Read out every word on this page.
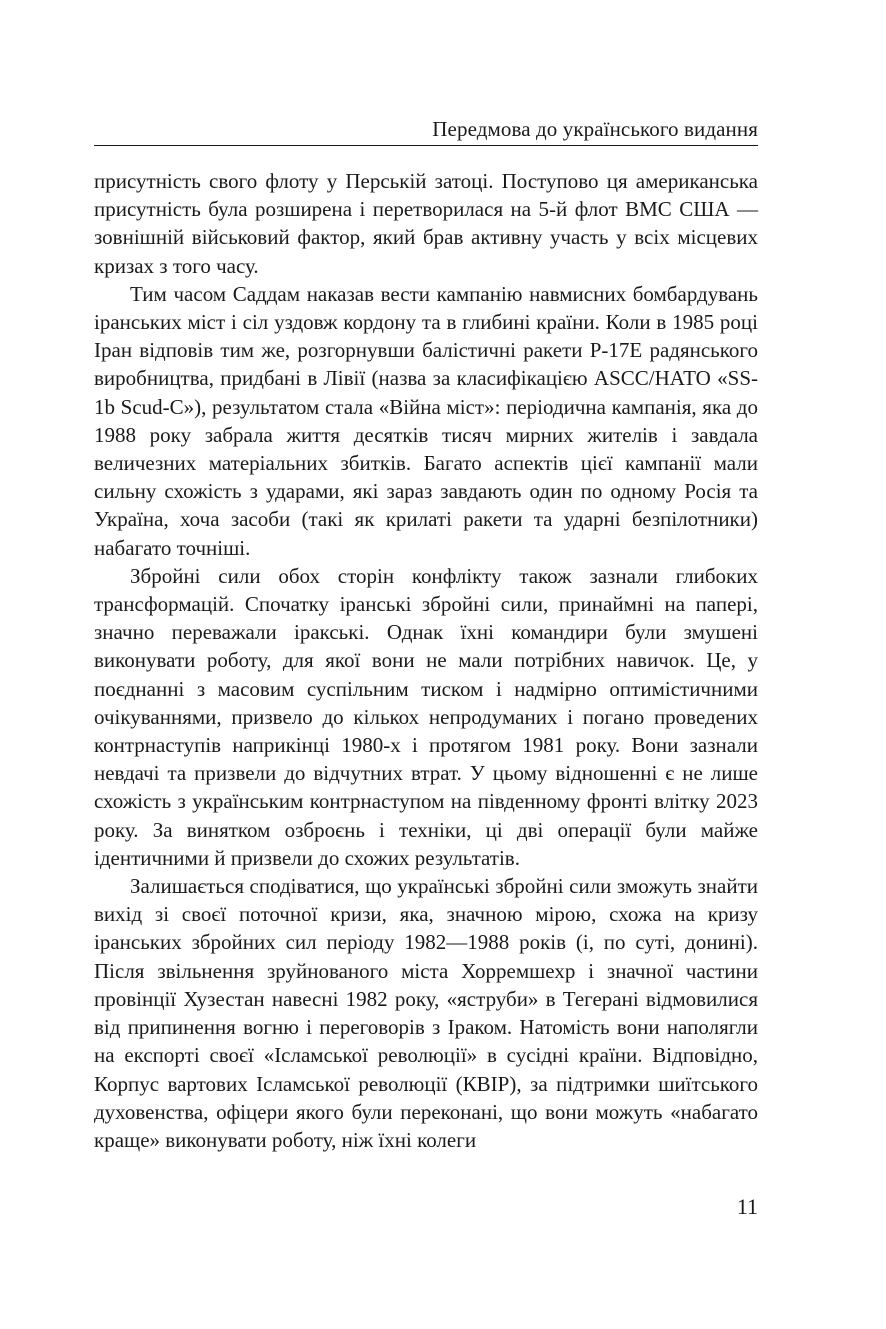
Передмова до українського видання

присутність свого флоту у Перській затоці. Поступово ця американська присутність була розширена і перетворилася на 5-й флот ВМС США — зовнішній військовий фактор, який брав активну участь у всіх місцевих кризах з того часу.

Тим часом Саддам наказав вести кампанію навмисних бомбардувань іранських міст і сіл уздовж кордону та в глибині країни. Коли в 1985 році Іран відповів тим же, розгорнувши балістичні ракети Р-17Е радянського виробництва, придбані в Лівії (назва за класифікацією ASCC/НАТО «SS-1b Scud-С»), результатом стала «Війна міст»: періодична кампанія, яка до 1988 року забрала життя десятків тисяч мирних жителів і завдала величезних матеріальних збитків. Багато аспектів цієї кампанії мали сильну схожість з ударами, які зараз завдають один по одному Росія та Україна, хоча засоби (такі як крилаті ракети та ударні безпілотники) набагато точніші.

Збройні сили обох сторін конфлікту також зазнали глибоких трансформацій. Спочатку іранські збройні сили, принаймні на папері, значно переважали іракські. Однак їхні командири були змушені виконувати роботу, для якої вони не мали потрібних навичок. Це, у поєднанні з масовим суспільним тиском і надмірно оптимістичними очікуваннями, призвело до кількох непродуманих і погано проведених контрнаступів наприкінці 1980-х і протягом 1981 року. Вони зазнали невдачі та призвели до відчутних втрат. У цьому відношенні є не лише схожість з українським контрнаступом на південному фронті влітку 2023 року. За винятком озброєнь і техніки, ці дві операції були майже ідентичними й призвели до схожих результатів.

Залишається сподіватися, що українські збройні сили зможуть знайти вихід зі своєї поточної кризи, яка, значною мірою, схожа на кризу іранських збройних сил періоду 1982—1988 років (і, по суті, донині). Після звільнення зруйнованого міста Хорремшехр і значної частини провінції Хузестан навесні 1982 року, «яструби» в Тегерані відмовилися від припинення вогню і переговорів з Іраком. Натомість вони наполягли на експорті своєї «Ісламської революції» в сусідні країни. Відповідно, Корпус вартових Ісламської революції (КВІР), за підтримки шиїтського духовенства, офіцери якого були переконані, що вони можуть «набагато краще» виконувати роботу, ніж їхні колеги

11
